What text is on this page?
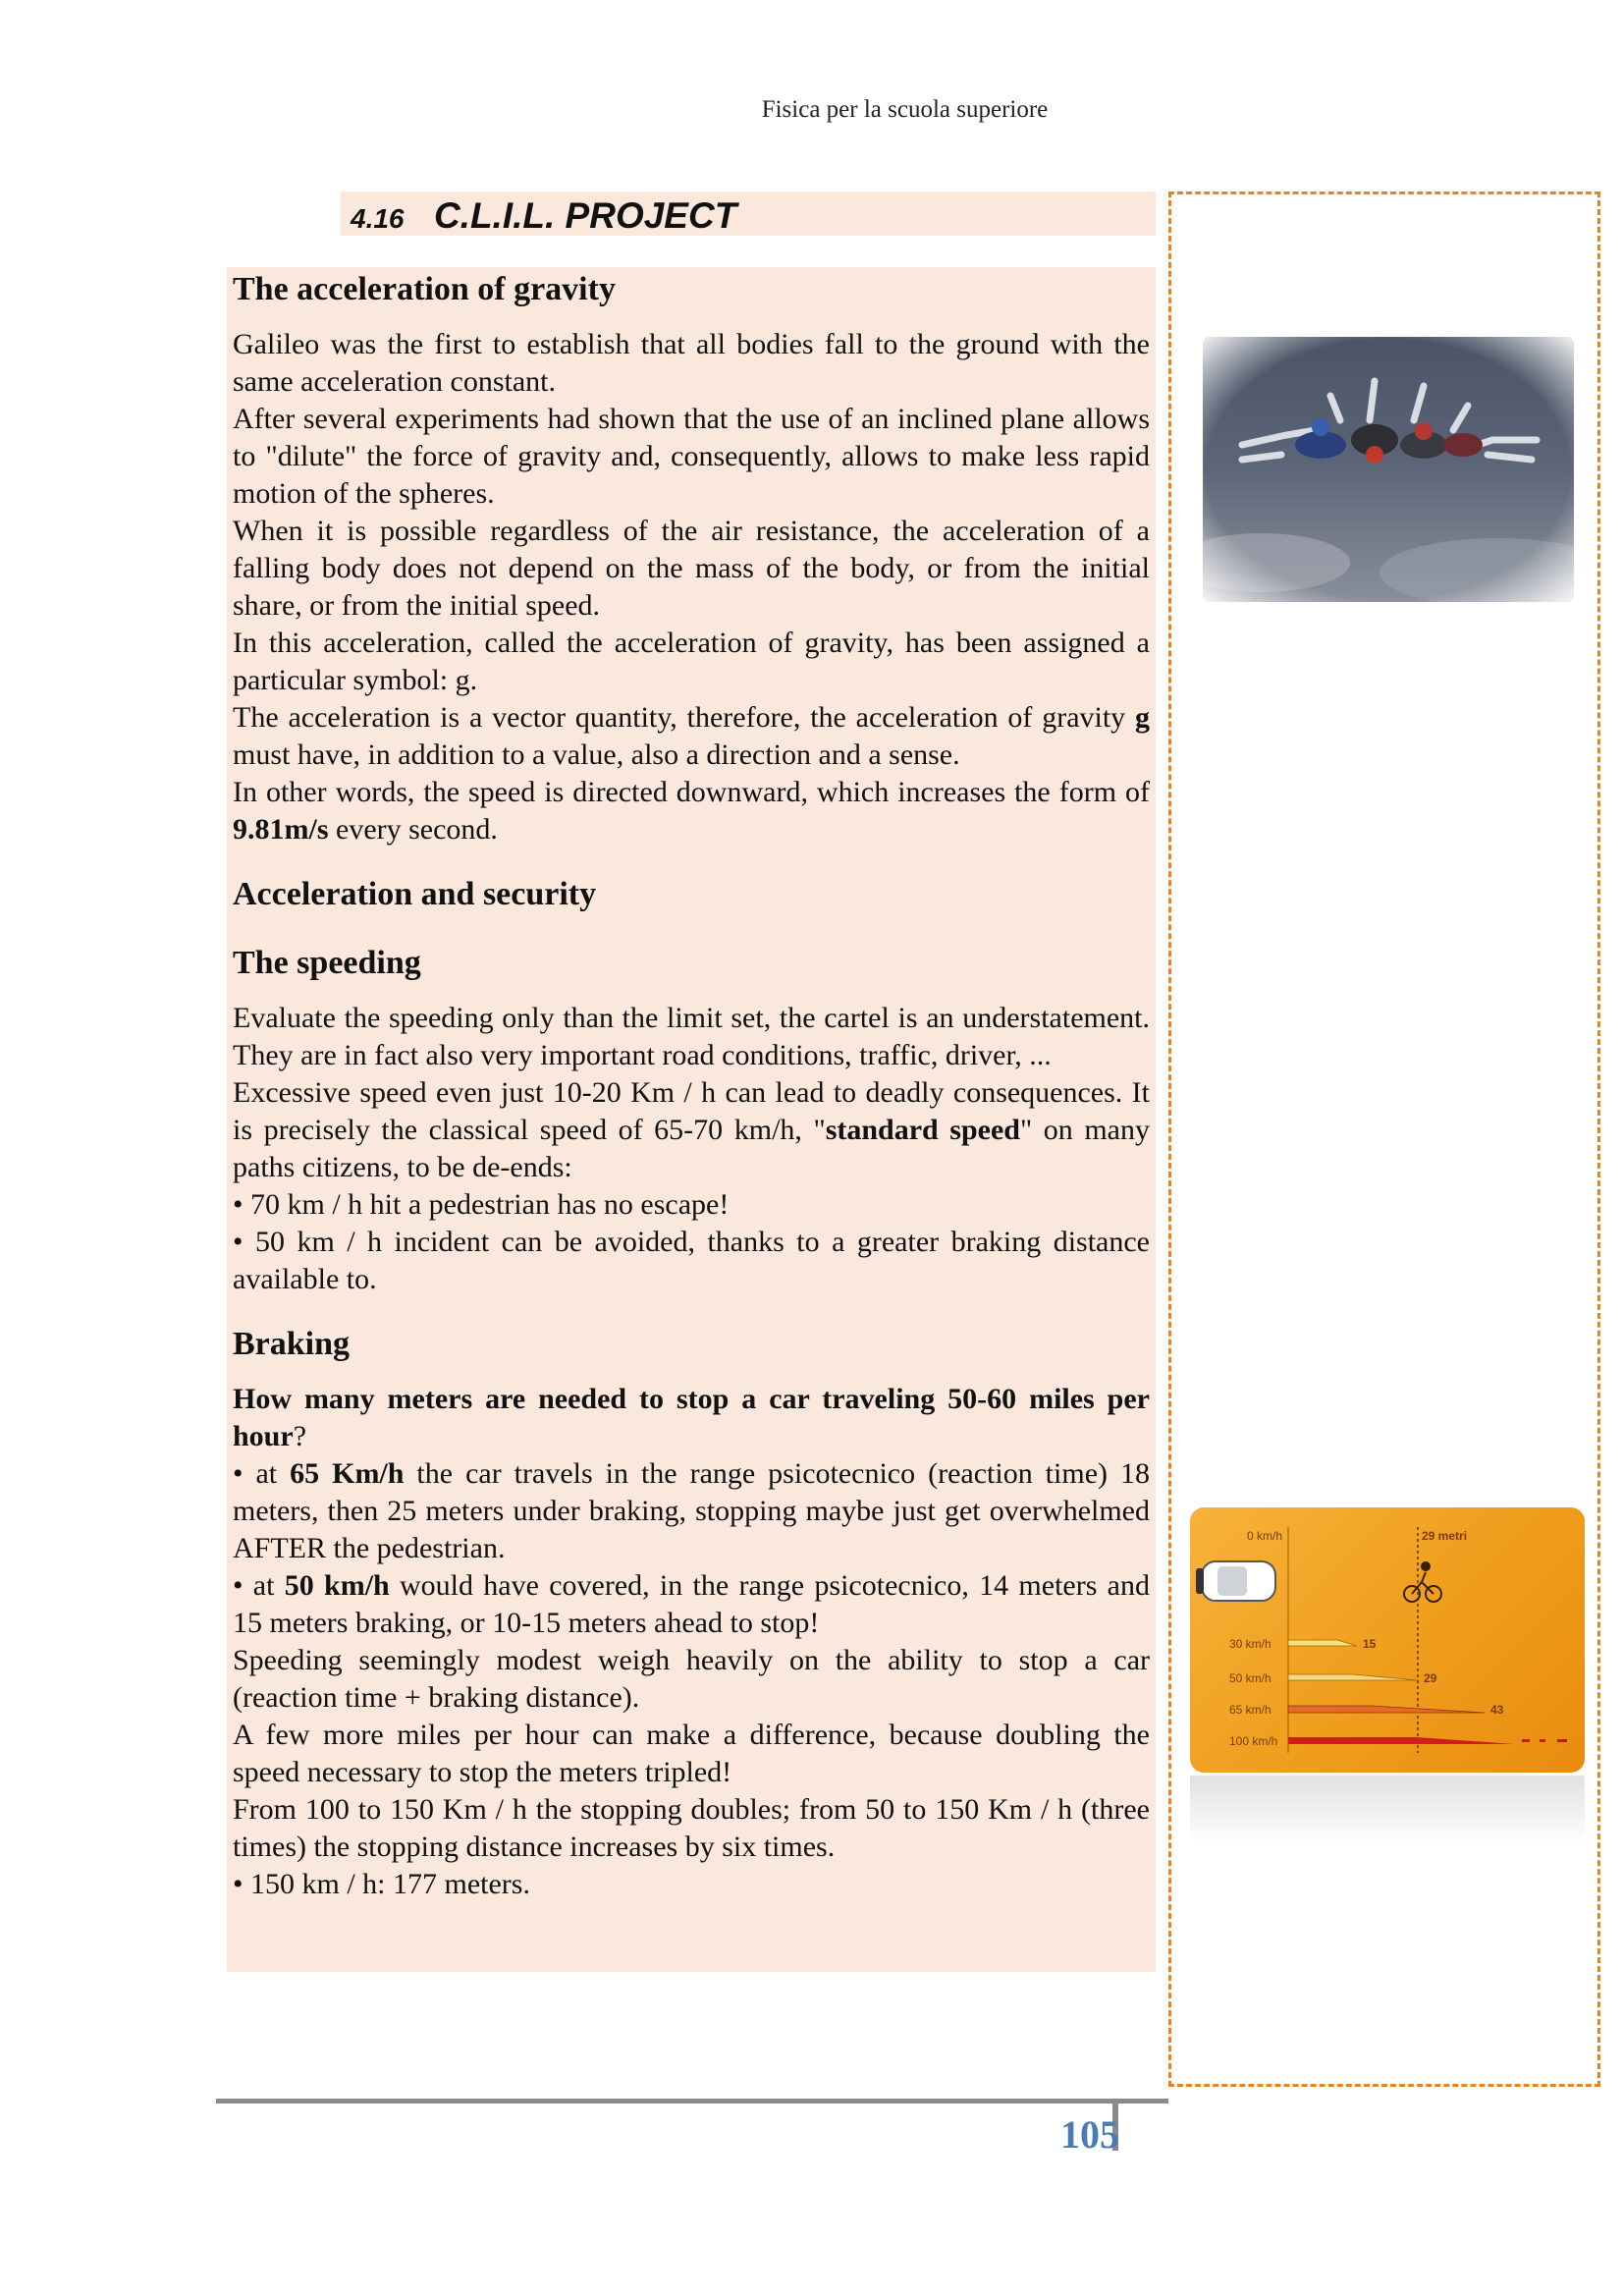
Fisica per la scuola superiore
4.16 C.L.I.L. PROJECT
The acceleration of gravity

Galileo was the first to establish that all bodies fall to the ground with the same acceleration constant.

After several experiments had shown that the use of an inclined plane allows to "dilute" the force of gravity and, consequently, allows to make less rapid motion of the spheres.

When it is possible regardless of the air resistance, the acceleration of a falling body does not depend on the mass of the body, or from the initial share, or from the initial speed.

In this acceleration, called the acceleration of gravity, has been assigned a particular symbol: g.

The acceleration is a vector quantity, therefore, the acceleration of gravity g must have, in addition to a value, also a direction and a sense.

In other words, the speed is directed downward, which increases the form of 9.81m/s every second.

Acceleration and security
The speeding

Evaluate the speeding only than the limit set, the cartel is an understatement. They are in fact also very important road conditions, traffic, driver, ...

Excessive speed even just 10-20 Km / h can lead to deadly consequences. It is precisely the classical speed of 65-70 km/h, "standard speed" on many paths citizens, to be de-ends:

• 70 km / h hit a pedestrian has no escape!

• 50 km / h incident can be avoided, thanks to a greater braking distance available to.

Braking

How many meters are needed to stop a car traveling 50-60 miles per hour?

• at 65 Km/h the car travels in the range psicotecnico (reaction time) 18 meters, then 25 meters under braking, stopping maybe just get overwhelmed AFTER the pedestrian.

• at 50 km/h would have covered, in the range psicotecnico, 14 meters and 15 meters braking, or 10-15 meters ahead to stop!

Speeding seemingly modest weigh heavily on the ability to stop a car (reaction time + braking distance).

A few more miles per hour can make a difference, because doubling the speed necessary to stop the meters tripled!

From 100 to 150 Km / h the stopping doubles; from 50 to 150 Km / h (three times) the stopping distance increases by six times.

• 150 km / h: 177 meters.

0 km/h	29 metri
30 km/h	15
50 km/h	29
65 km/h	43
100 km/h
105
